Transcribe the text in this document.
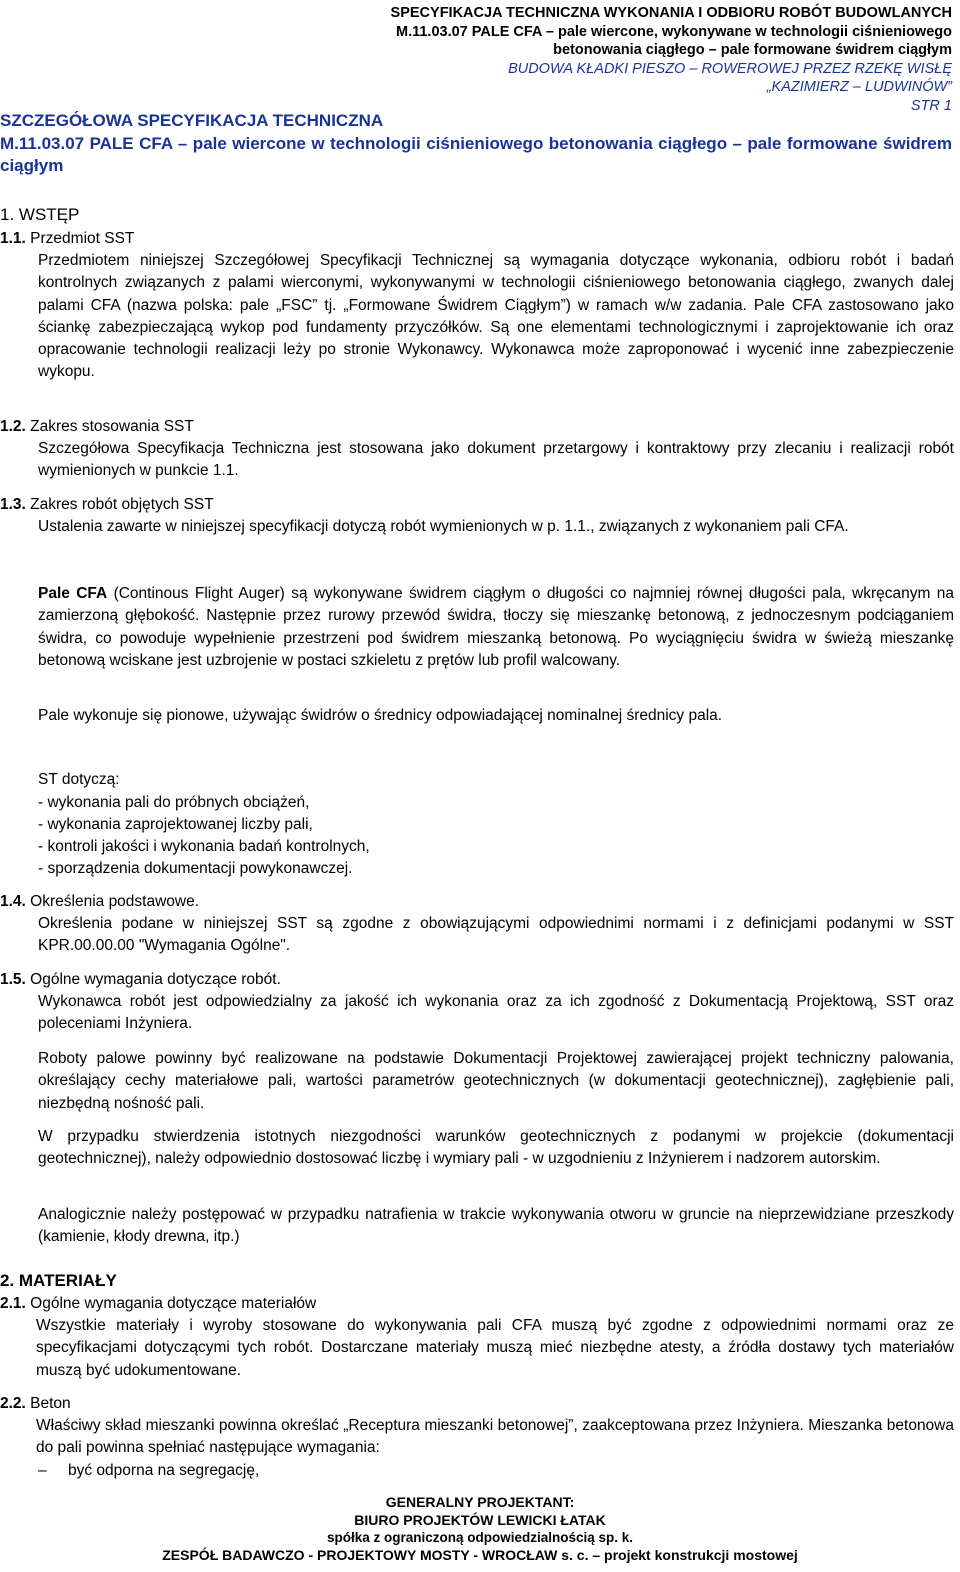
SPECYFIKACJA TECHNICZNA WYKONANIA I ODBIORU ROBÓT BUDOWLANYCH
M.11.03.07 PALE CFA – pale wiercone, wykonywane w technologii ciśnieniowego
betonowania ciągłego – pale formowane świdrem ciągłym
BUDOWA KŁADKI PIESZO – ROWEROWEJ PRZEZ RZEKĘ WISŁĘ
„KAZIMIERZ – LUDWINÓW”
STR 1
SZCZEGÓŁOWA SPECYFIKACJA TECHNICZNA
M.11.03.07 PALE CFA – pale wiercone w technologii ciśnieniowego betonowania ciągłego – pale formowane świdrem ciągłym
1. WSTĘP
1.1. Przedmiot SST
Przedmiotem niniejszej Szczegółowej Specyfikacji Technicznej są wymagania dotyczące wykonania, odbioru robót i badań kontrolnych związanych z palami wierconymi, wykonywanymi w technologii ciśnieniowego betonowania ciągłego, zwanych dalej palami CFA (nazwa polska: pale „FSC” tj. „Formowane Świdrem Ciągłym”) w ramach w/w zadania. Pale CFA zastosowano jako ściankę zabezpieczającą wykop pod fundamenty przyczółków. Są one elementami technologicznymi i zaprojektowanie ich oraz opracowanie technologii realizacji leży po stronie Wykonawcy. Wykonawca może zaproponować i wycenić inne zabezpieczenie wykopu.
1.2. Zakres stosowania SST
Szczegółowa Specyfikacja Techniczna jest stosowana jako dokument przetargowy i kontraktowy przy zlecaniu i realizacji robót wymienionych w punkcie 1.1.
1.3. Zakres robót objętych SST
Ustalenia zawarte w niniejszej specyfikacji dotyczą robót wymienionych w p. 1.1., związanych z wykonaniem pali CFA.
Pale CFA (Continous Flight Auger) są wykonywane świdrem ciągłym o długości co najmniej równej długości pala, wkręcanym na zamierzoną głębokość. Następnie przez rurowy przewód świdra, tłoczy się mieszankę betonową, z jednoczesnym podciąganiem świdra, co powoduje wypełnienie przestrzeni pod świdrem mieszanką betonową. Po wyciągnięciu świdra w świeżą mieszankę betonową wciskane jest uzbrojenie w postaci szkieletu z prętów lub profil walcowany.
Pale wykonuje się pionowe, używając świdrów o średnicy odpowiadającej nominalnej średnicy pala.
ST dotyczą:
- wykonania pali do próbnych obciążeń,
- wykonania zaprojektowanej liczby pali,
- kontroli jakości i wykonania badań kontrolnych,
- sporządzenia dokumentacji powykonawczej.
1.4. Określenia podstawowe.
Określenia podane w niniejszej SST są zgodne z obowiązującymi odpowiednimi normami i z definicjami podanymi w SST KPR.00.00.00 "Wymagania Ogólne".
1.5. Ogólne wymagania dotyczące robót.
Wykonawca robót jest odpowiedzialny za jakość ich wykonania oraz za ich zgodność z Dokumentacją Projektową, SST oraz poleceniami Inżyniera.
Roboty palowe powinny być realizowane na podstawie Dokumentacji Projektowej zawierającej projekt techniczny palowania, określający cechy materiałowe pali, wartości parametrów geotechnicznych (w dokumentacji geotechnicznej), zagłębienie pali, niezbędną nośność pali.
W przypadku stwierdzenia istotnych niezgodności warunków geotechnicznych z podanymi w projekcie (dokumentacji geotechnicznej), należy odpowiednio dostosować liczbę i wymiary pali - w uzgodnieniu z Inżynierem i nadzorem autorskim.
Analogicznie należy postępować w przypadku natrafienia w trakcie wykonywania otworu w gruncie na nieprzewidziane przeszkody (kamienie, kłody drewna, itp.)
2. MATERIAŁY
2.1. Ogólne wymagania dotyczące materiałów
Wszystkie materiały i wyroby stosowane do wykonywania pali CFA muszą być zgodne z odpowiednimi normami oraz ze specyfikacjami dotyczącymi tych robót. Dostarczane materiały muszą mieć niezbędne atesty, a źródła dostawy tych materiałów muszą być udokumentowane.
2.2. Beton
Właściwy skład mieszanki powinna określać „Receptura mieszanki betonowej”, zaakceptowana przez Inżyniera. Mieszanka betonowa do pali powinna spełniać następujące wymagania:
– być odporna na segregację,
GENERALNY PROJEKTANT:
BIURO PROJEKTÓW LEWICKI ŁATAK
spółka z ograniczoną odpowiedzialnością sp. k.
ZESPÓŁ BADAWCZO - PROJEKTOWY MOSTY - WROCŁAW s. c. – projekt konstrukcji mostowej
